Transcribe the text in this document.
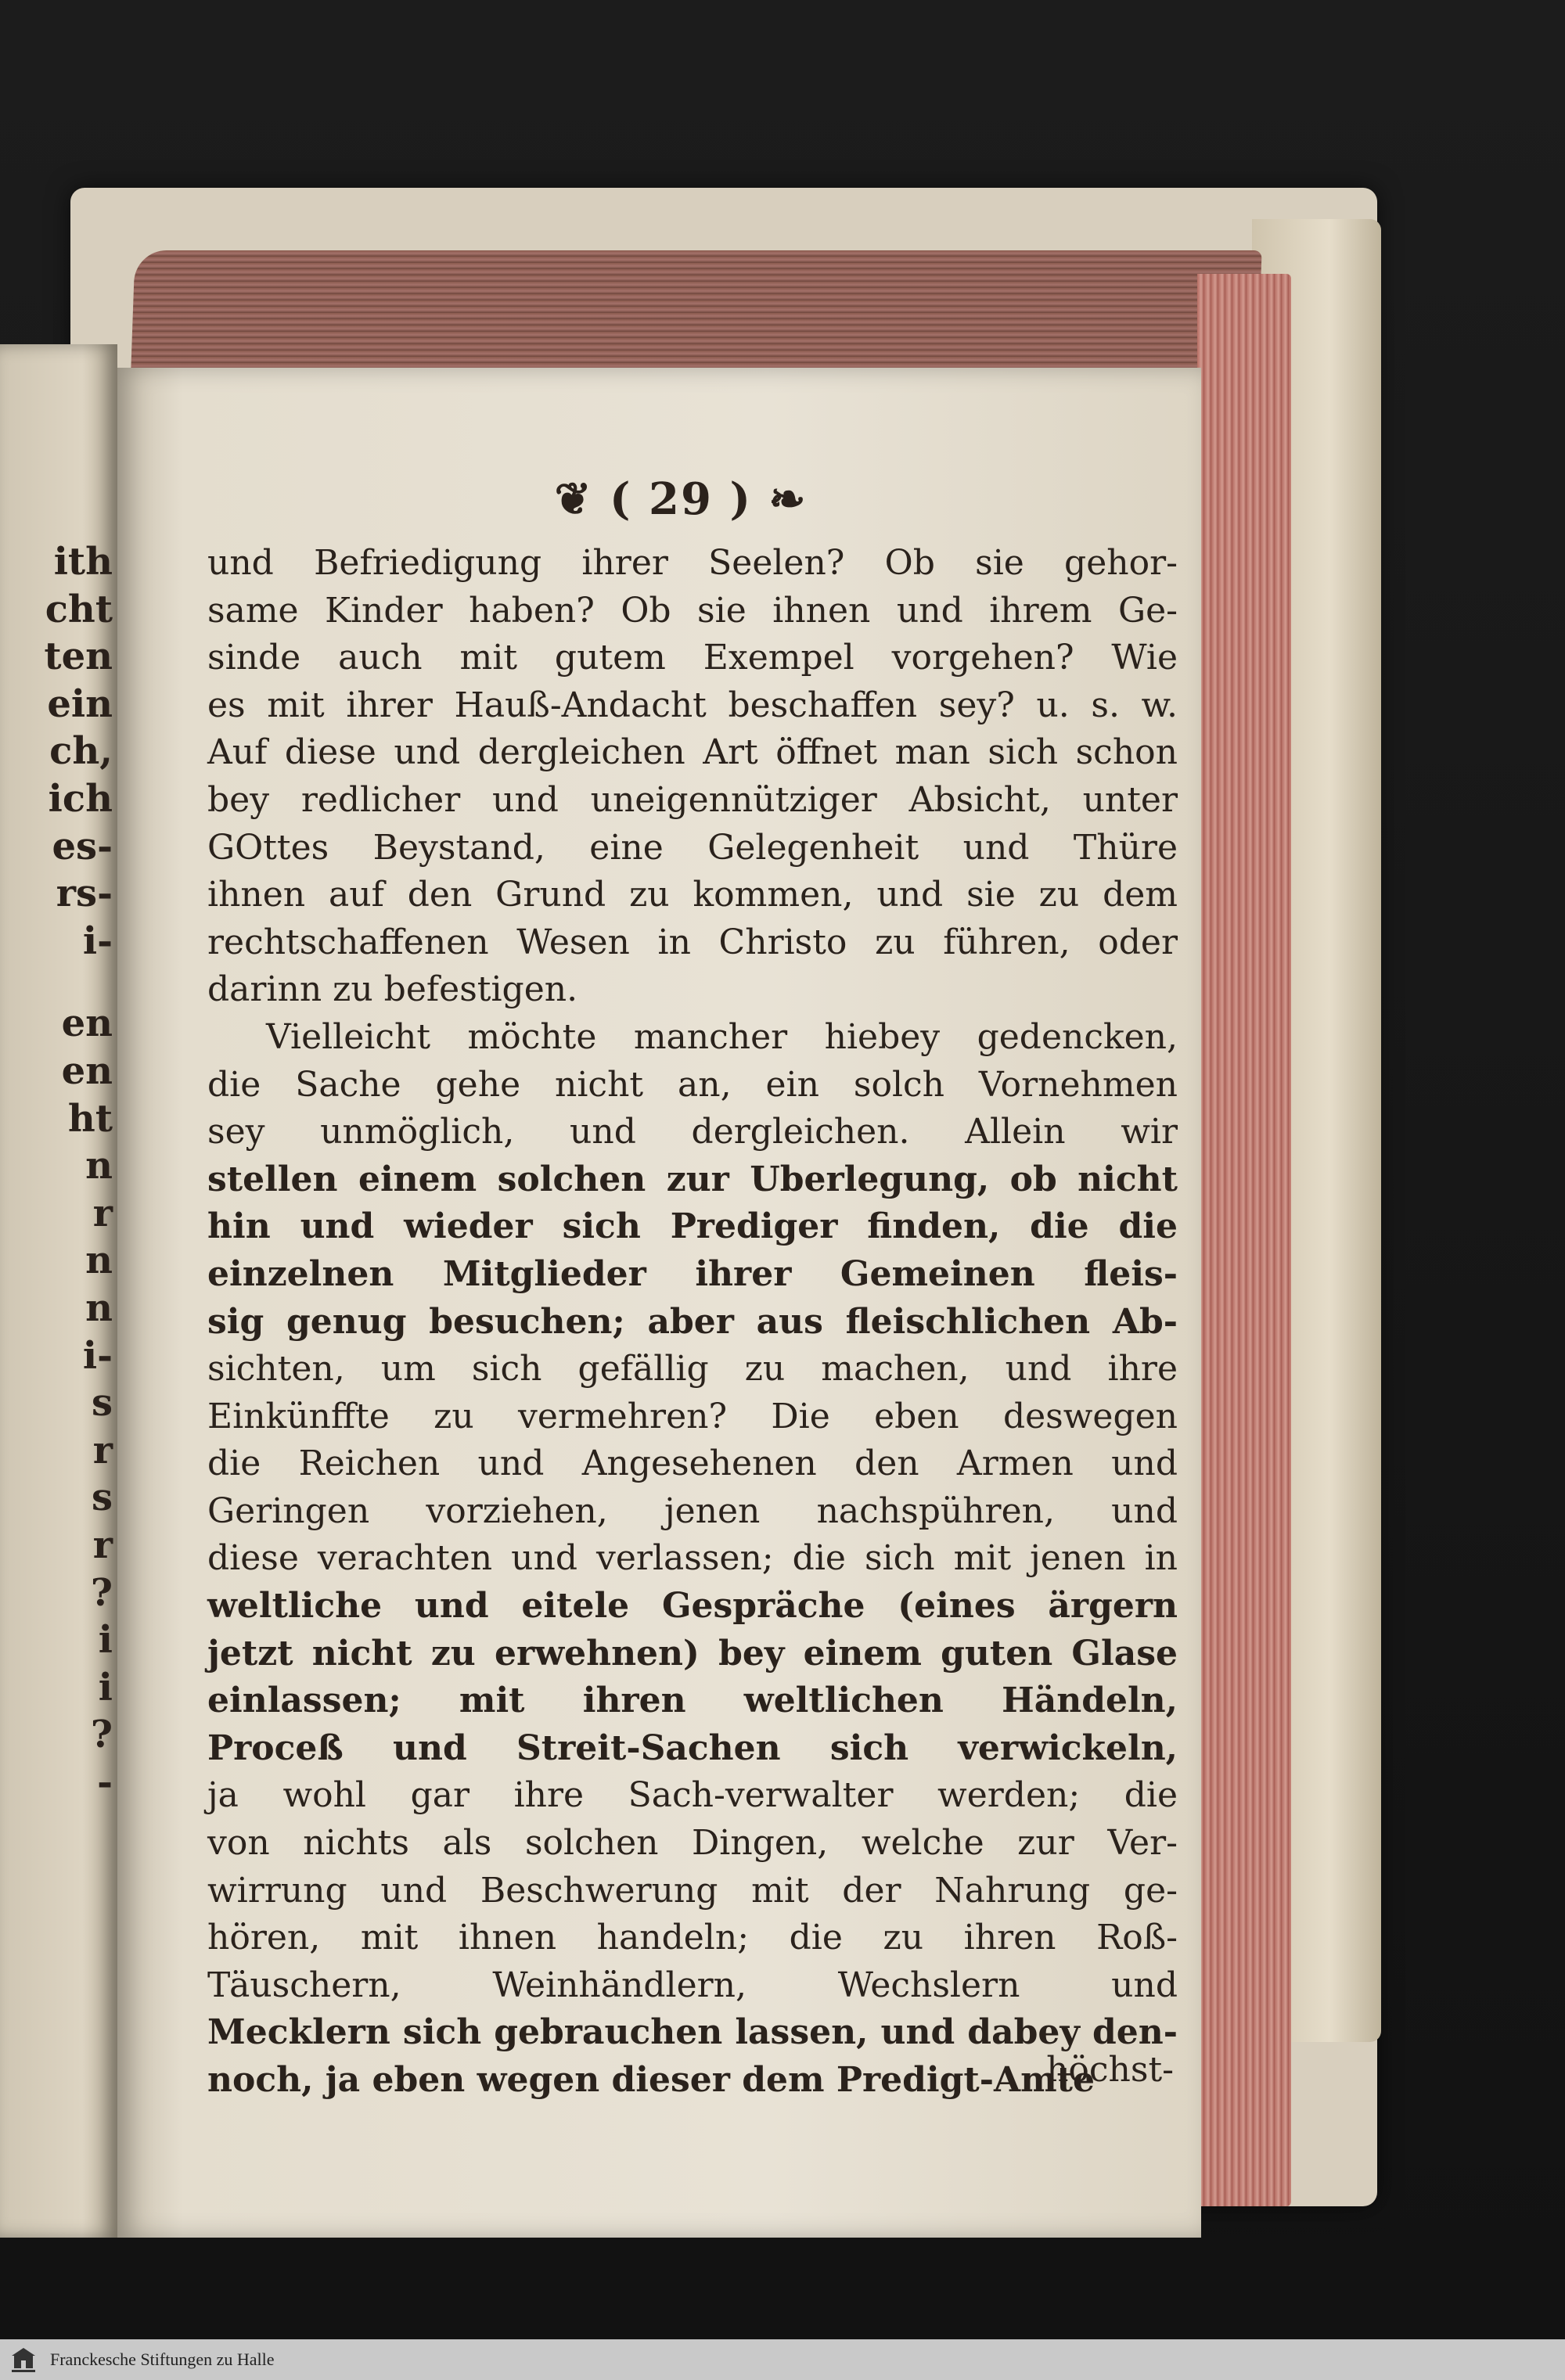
ith
cht
ten
ein
ch,
ich
es-
rs-
i-
en
en
ht
n
r
n
n
i-
s
r
s
r
?
i
i
?
-
❦ ( 29 ) ❧
und Befriedigung ihrer Seelen? Ob sie gehor-
same Kinder haben? Ob sie ihnen und ihrem Ge-
sinde auch mit gutem Exempel vorgehen? Wie
es mit ihrer Hauß-Andacht beschaffen sey? u. s. w.
Auf diese und dergleichen Art öffnet man sich schon
bey redlicher und uneigennütziger Absicht, unter
GOttes Beystand, eine Gelegenheit und Thüre
ihnen auf den Grund zu kommen, und sie zu dem
rechtschaffenen Wesen in Christo zu führen, oder
darinn zu befestigen.
Vielleicht möchte mancher hiebey gedencken,
die Sache gehe nicht an, ein solch Vornehmen
sey unmöglich, und dergleichen. Allein wir
stellen einem solchen zur Uberlegung, ob nicht
hin und wieder sich Prediger finden, die die
einzelnen Mitglieder ihrer Gemeinen fleis-
sig genug besuchen; aber aus fleischlichen Ab-
sichten, um sich gefällig zu machen, und ihre
Einkünffte zu vermehren? Die eben deswegen
die Reichen und Angesehenen den Armen und
Geringen vorziehen, jenen nachspühren, und
diese verachten und verlassen; die sich mit jenen in
weltliche und eitele Gespräche (eines ärgern
jetzt nicht zu erwehnen) bey einem guten Glase
einlassen; mit ihren weltlichen Händeln,
Proceß und Streit-Sachen sich verwickeln,
ja wohl gar ihre Sach-verwalter werden; die
von nichts als solchen Dingen, welche zur Ver-
wirrung und Beschwerung mit der Nahrung ge-
hören, mit ihnen handeln; die zu ihren Roß-
Täuschern, Weinhändlern, Wechslern und
Mecklern sich gebrauchen lassen, und dabey den-
noch, ja eben wegen dieser dem Predigt-Amte
höchst-
Franckesche Stiftungen zu Halle
